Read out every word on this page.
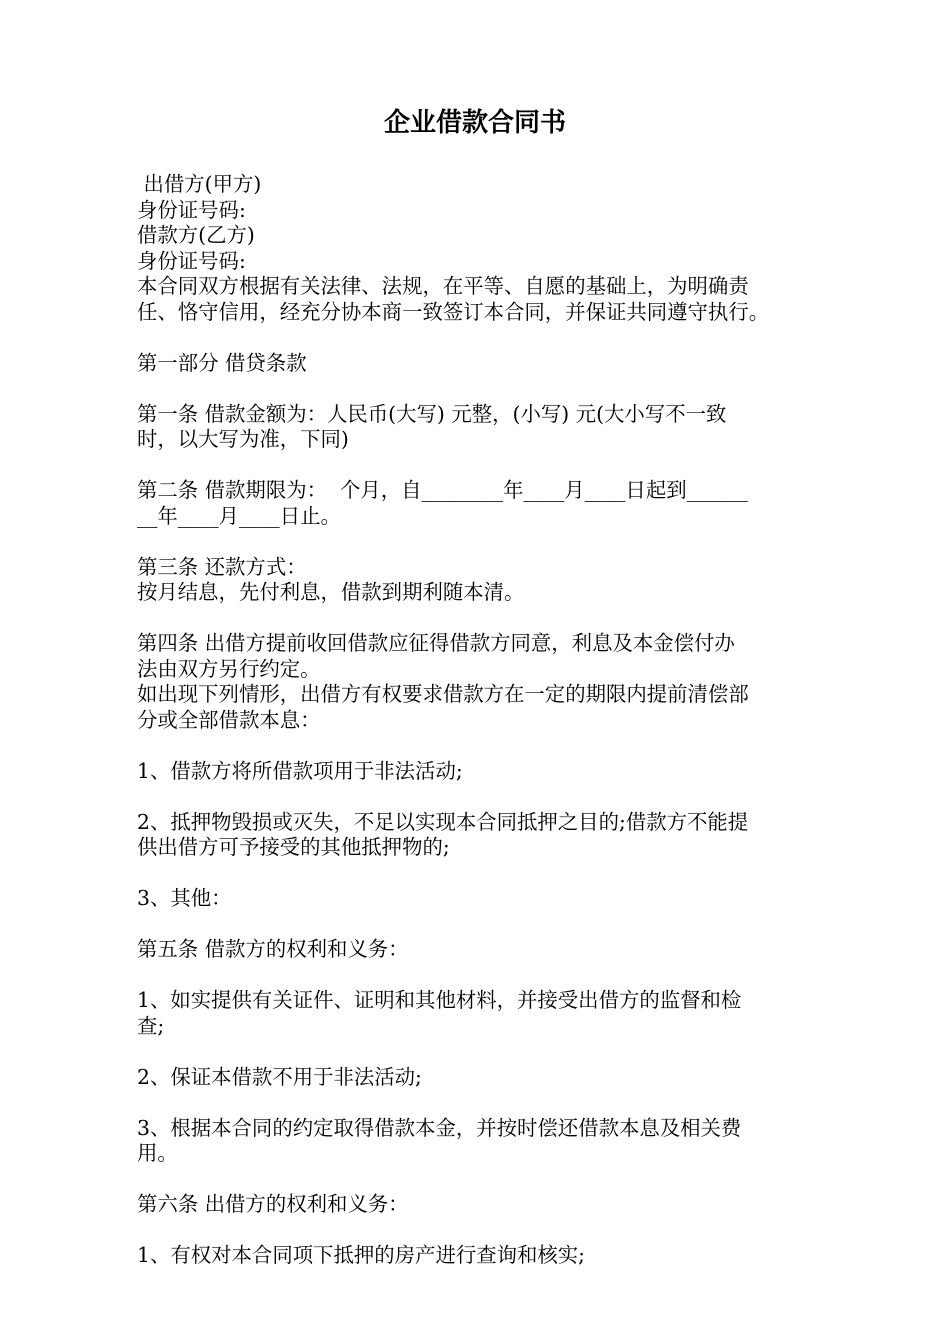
企业借款合同书
出借方(甲方)
身份证号码:
借款方(乙方)
身份证号码:
本合同双方根据有关法律、法规，在平等、自愿的基础上，为明确责
任、恪守信用，经充分协本商一致签订本合同，并保证共同遵守执行。
第一部分 借贷条款
第一条 借款金额为：人民币(大写) 元整，(小写) 元(大小写不一致
时，以大写为准，下同)
第二条 借款期限为：  个月，自________年____月____日起到______
__年____月____日止。
第三条 还款方式：
按月结息，先付利息，借款到期利随本清。
第四条 出借方提前收回借款应征得借款方同意，利息及本金偿付办
法由双方另行约定。
如出现下列情形，出借方有权要求借款方在一定的期限内提前清偿部
分或全部借款本息：
1、借款方将所借款项用于非法活动;
2、抵押物毁损或灭失，不足以实现本合同抵押之目的;借款方不能提
供出借方可予接受的其他抵押物的;
3、其他：
第五条 借款方的权利和义务：
1、如实提供有关证件、证明和其他材料，并接受出借方的监督和检
查;
2、保证本借款不用于非法活动;
3、根据本合同的约定取得借款本金，并按时偿还借款本息及相关费
用。
第六条 出借方的权利和义务：
1、有权对本合同项下抵押的房产进行查询和核实;
